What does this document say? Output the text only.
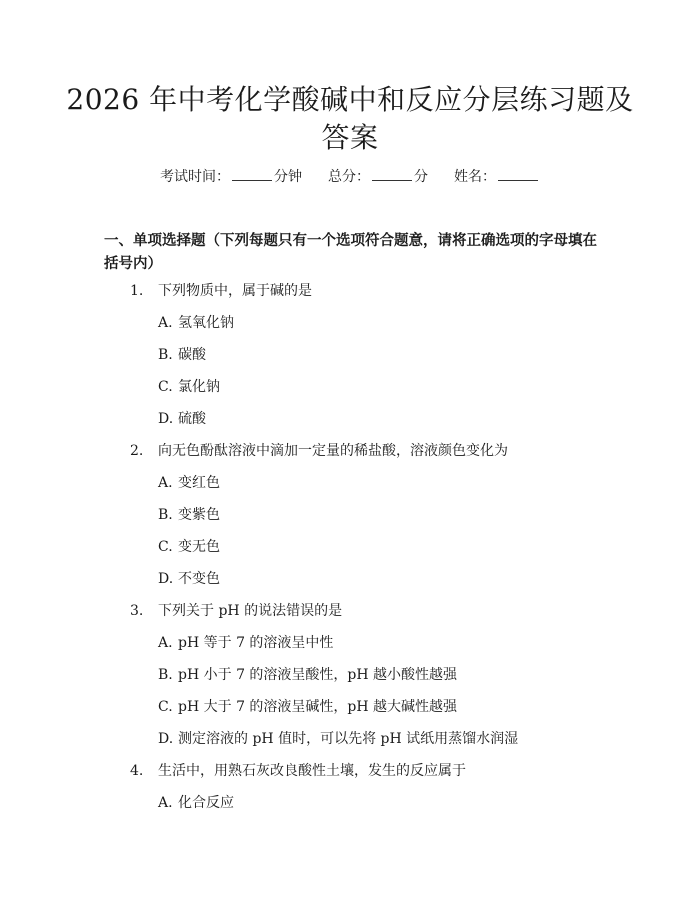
2026 年中考化学酸碱中和反应分层练习题及
答案
考试时间：	分钟 总分：	分 姓名：
一、单项选择题（下列每题只有一个选项符合题意，请将正确选项的字母填在括号内）
1. 下列物质中，属于碱的是
A. 氢氧化钠
B. 碳酸
C. 氯化钠
D. 硫酸
2. 向无色酚酞溶液中滴加一定量的稀盐酸，溶液颜色变化为
A. 变红色
B. 变紫色
C. 变无色
D. 不变色
3. 下列关于 pH 的说法错误的是
A. pH 等于 7 的溶液呈中性
B. pH 小于 7 的溶液呈酸性，pH 越小酸性越强
C. pH 大于 7 的溶液呈碱性，pH 越大碱性越强
D. 测定溶液的 pH 值时，可以先将 pH 试纸用蒸馏水润湿
4. 生活中，用熟石灰改良酸性土壤，发生的反应属于
A. 化合反应
